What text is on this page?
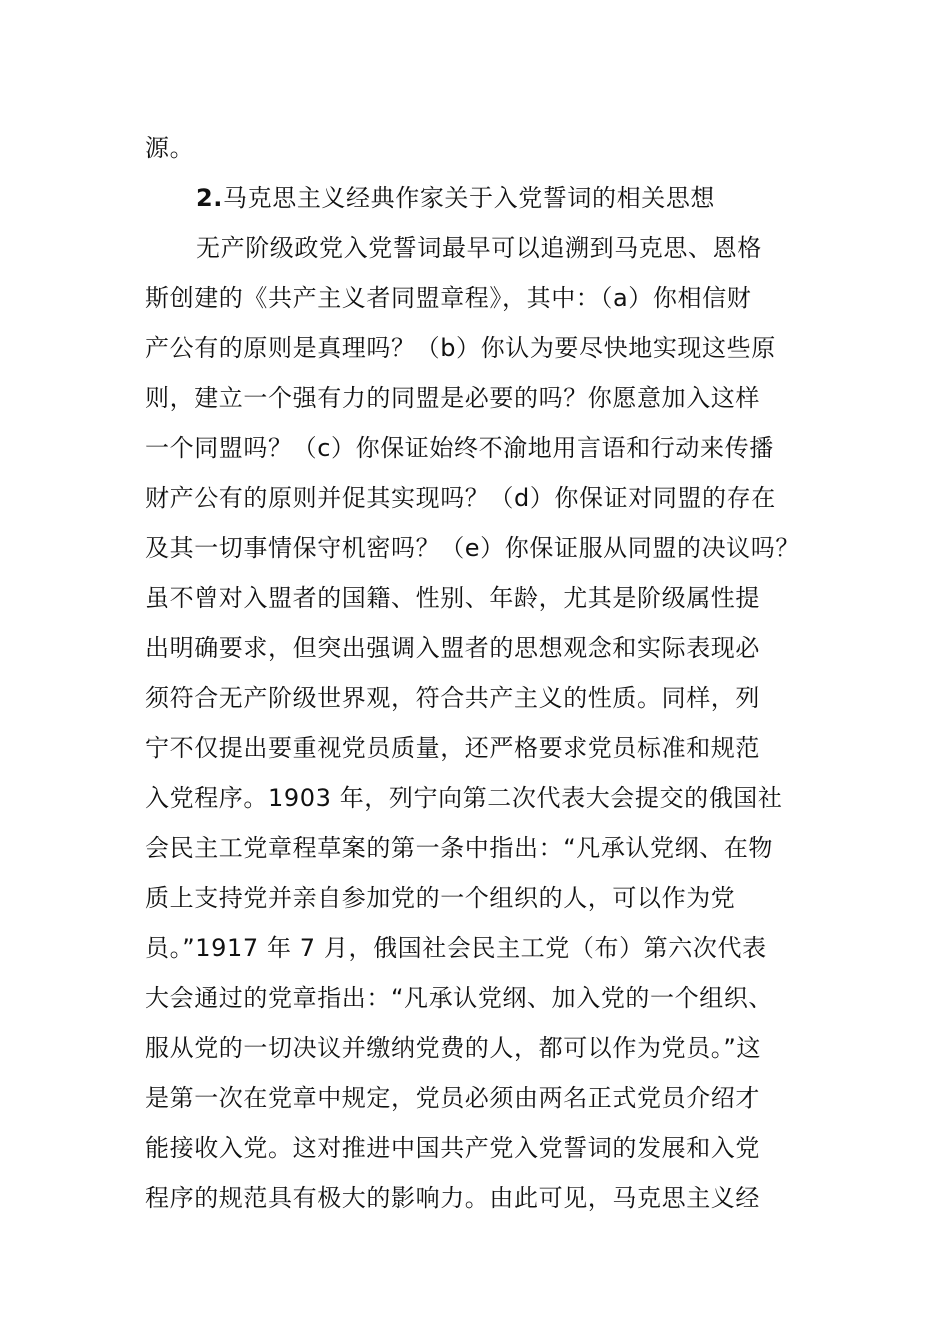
源。

2.马克思主义经典作家关于入党誓词的相关思想

无产阶级政党入党誓词最早可以追溯到马克思、恩格

斯创建的《共产主义者同盟章程》，其中：（a）你相信财

产公有的原则是真理吗？（b）你认为要尽快地实现这些原

则，建立一个强有力的同盟是必要的吗？你愿意加入这样

一个同盟吗？（c）你保证始终不渝地用言语和行动来传播

财产公有的原则并促其实现吗？（d）你保证对同盟的存在

及其一切事情保守机密吗？（e）你保证服从同盟的决议吗？

虽不曾对入盟者的国籍、性别、年龄，尤其是阶级属性提

出明确要求，但突出强调入盟者的思想观念和实际表现必

须符合无产阶级世界观，符合共产主义的性质。同样，列

宁不仅提出要重视党员质量，还严格要求党员标准和规范

入党程序。1903 年，列宁向第二次代表大会提交的俄国社

会民主工党章程草案的第一条中指出：“凡承认党纲、在物

质上支持党并亲自参加党的一个组织的人，可以作为党

员。”1917 年 7 月，俄国社会民主工党（布）第六次代表

大会通过的党章指出：“凡承认党纲、加入党的一个组织、

服从党的一切决议并缴纳党费的人，都可以作为党员。”这

是第一次在党章中规定，党员必须由两名正式党员介绍才

能接收入党。这对推进中国共产党入党誓词的发展和入党

程序的规范具有极大的影响力。由此可见，马克思主义经
